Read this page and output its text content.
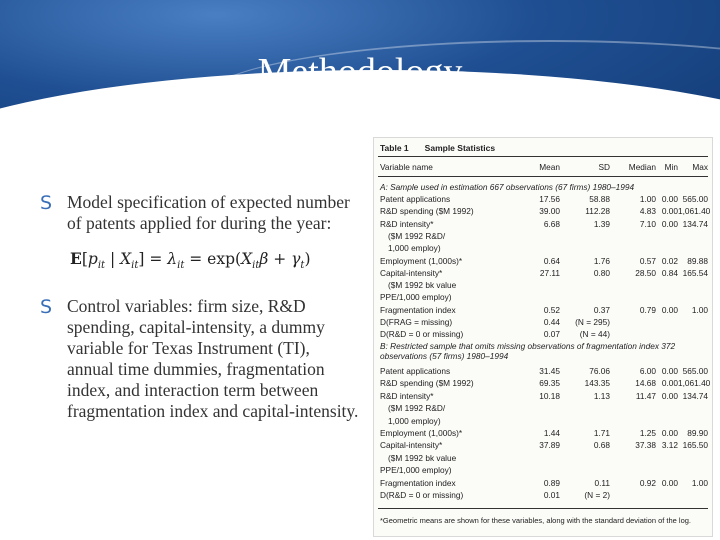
Methodology
S Model specification of expected number of patents applied for during the year:
$E[p_{it}$ | $X_{it}] = \lambda_{it} = \exp(X_{it}\beta + \gamma_t)$
S Control variables: firm size, R&D spending, capital-intensity, a dummy variable for Texas Instrument (TI), annual time dummies, fragmentation index, and interaction term between fragmentation index and capital-intensity.
Table 1 Sample Statistics
Variable name	Mean	SD	Median	Min	Max
A: Sample used in estimation 667 observations (67 firms) 1980–1994
Patent applications	17.56	58.88	1.00 0.00 565.00
R&D spending ($M 1992)	39.00	112.28	4.83 0.00 1,061.40
R&D intensity*	6.68	1.39	7.10 0.00 134.74
($M 1992 R&D/
1,000 employ)
Employment (1,000s)*	0.64	1.76	0.57 0.02	89.88
Capital-intensity*	27.11	0.80	28.50 0.84 165.54
($M 1992 bk value
PPE/1,000 employ)
Fragmentation index	0.52	0.37	0.79 0.00	1.00
D(FRAG = missing)	0.44	(N = 295)
D(R&D = 0 or missing)	0.07	(N = 44)
B: Restricted sample that omits missing observations of fragmentation index 372 observations (57 firms) 1980–1994
Patent applications	31.45	76.06	6.00 0.00 565.00
R&D spending ($M 1992)	69.35	143.35	14.68 0.00 1,061.40
R&D intensity*	10.18	1.13	11.47 0.00 134.74
($M 1992 R&D/
1,000 employ)
Employment (1,000s)*	1.44	1.71	1.25 0.00	89.90
Capital-intensity*	37.89	0.68	37.38 3.12 165.50
($M 1992 bk value
PPE/1,000 employ)
Fragmentation index	0.89	0.11	0.92 0.00	1.00
D(R&D = 0 or missing)	0.01	(N = 2)
*Geometric means are shown for these variables, along with the standard deviation of the log.
